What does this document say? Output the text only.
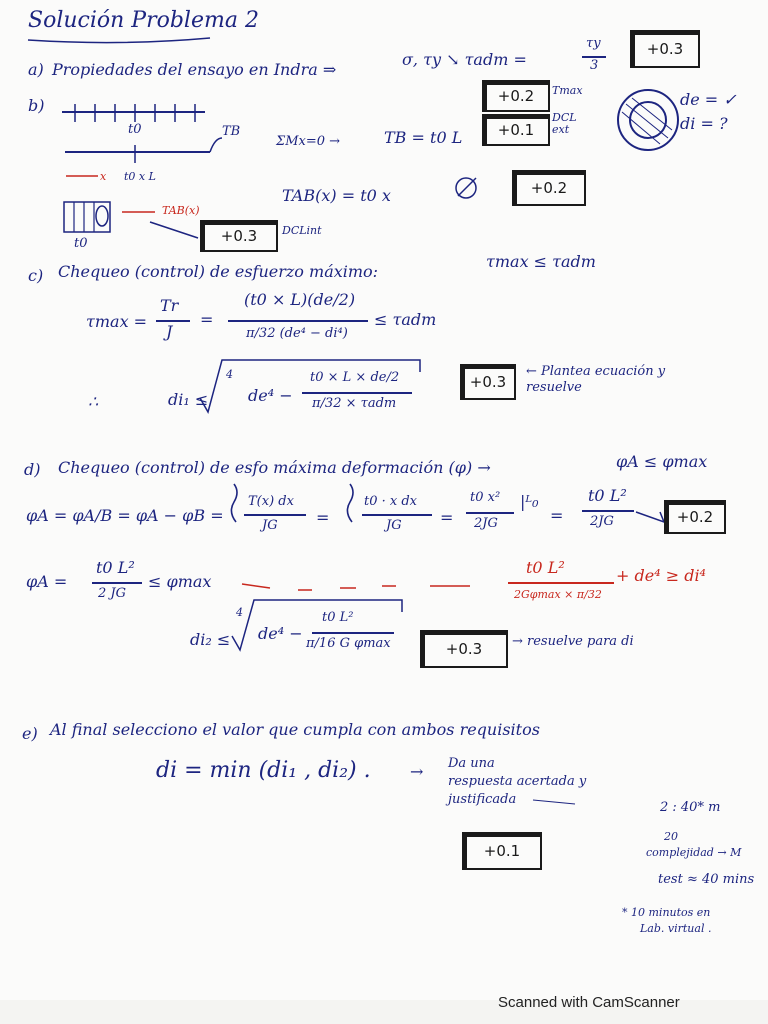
Solución Problema 2
a) Propiedades del ensayo en Indra ⇒
σ, τy ↘ τadm =
τy
3
+0.3
b)	+0.2	Tmax
+0.1
DCL ext
de = ✓
di = ?
t0	TB
ΣMx=0 →	TB = t0 L
x t0 x L
TAB(x) = t0 x	+0.2
TAB(x)
t0	+0.3	DCLint
c) Chequeo (control) de esfuerzo máximo:
τmax ≤ τadm
τmax =
Tr
J
=
(t0 × L)(de/2)
π/32 (de⁴ − di⁴)
≤ τadm
∴	di₁ ≤
4
de⁴ −
t0 × L × de/2
π/32 × τadm
+0.3
← Plantea ecuación y resuelve
d) Chequeo (control) de esfo máxima deformación (φ) →	φA ≤ φmax
φA = φA/B = φA − φB =
T(x) dx
JG =
t0 · x dx
JG =
t0 x²
2JG
|ᴸ₀
=
t0 L²
2JG	+0.2
φA =
t0 L²
2 JG
≤ φmax
t0 L²
2Gφmax × π/32
+ de⁴ ≥ di⁴
di₂ ≤
4
de⁴ −
t0 L²
π/16 G φmax	+0.3	→ resuelve para di
e) Al final selecciono el valor que cumpla con ambos requisitos
di = min (di₁ , di₂) . → Da una
respuesta acertada y
justificada
+0.1
2 : 40* m
20
complejidad → M
test ≈ 40 mins
* 10 minutos en
Lab. virtual .
Scanned with CamScanner
